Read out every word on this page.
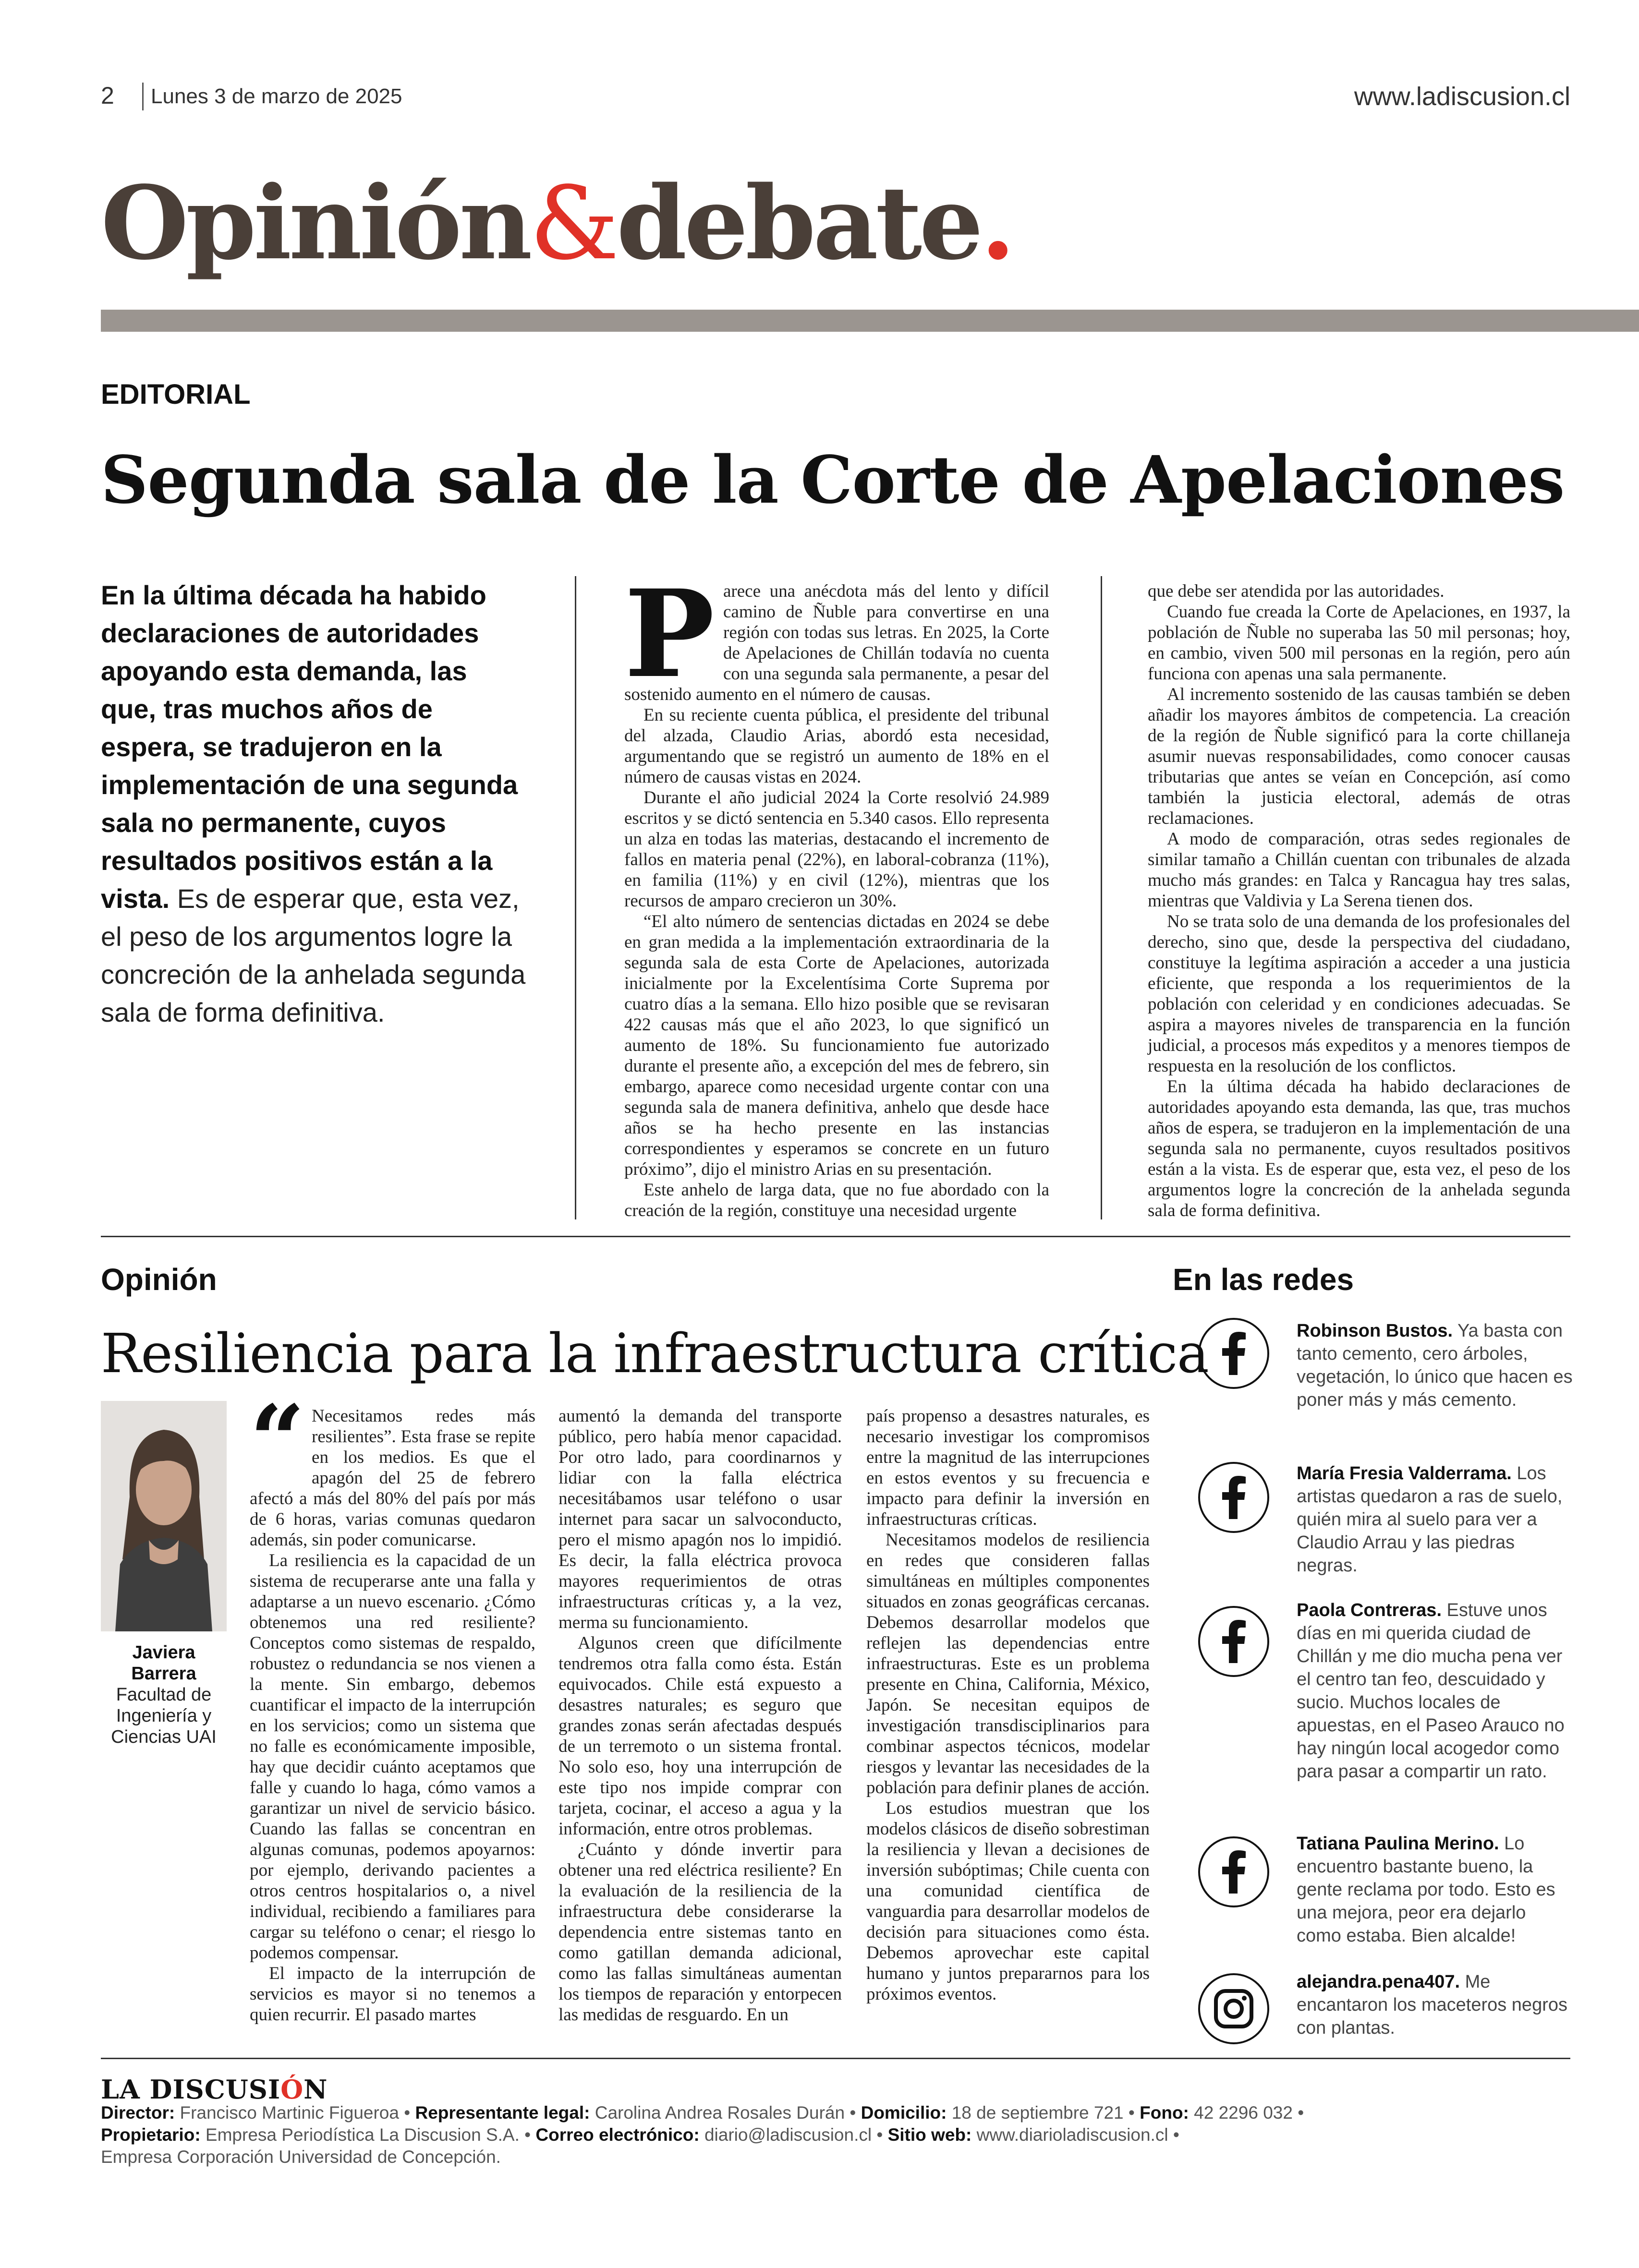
2 Lunes 3 de marzo de 2025	www.ladiscusion.cl
Opinión&debate.
EDITORIAL
Segunda sala de la Corte de Apelaciones
En la última década ha habido declaraciones de autoridades apoyando esta demanda, las que, tras muchos años de espera, se tradujeron en la implementación de una segunda sala no permanente, cuyos resultados positivos están a la vista. Es de esperar que, esta vez, el peso de los argumentos logre la concreción de la anhelada segunda sala de forma definitiva.

Parece una anécdota más del lento y difícil camino de Ñuble para convertirse en una región con todas sus letras. En 2025, la Corte de Apelaciones de Chillán todavía no cuenta con una segunda sala permanente, a pesar del sostenido aumento en el número de causas.

En su reciente cuenta pública, el presidente del tribunal del alzada, Claudio Arias, abordó esta necesidad, argumentando que se registró un aumento de 18% en el número de causas vistas en 2024.

Durante el año judicial 2024 la Corte resolvió 24.989 escritos y se dictó sentencia en 5.340 casos. Ello representa un alza en todas las materias, destacando el incremento de fallos en materia penal (22%), en laboral-cobranza (11%), en familia (11%) y en civil (12%), mientras que los recursos de amparo crecieron un 30%.

“El alto número de sentencias dictadas en 2024 se debe en gran medida a la implementación extraordinaria de la segunda sala de esta Corte de Apelaciones, autorizada inicialmente por la Excelentísima Corte Suprema por cuatro días a la semana. Ello hizo posible que se revisaran 422 causas más que el año 2023, lo que significó un aumento de 18%. Su funcionamiento fue autorizado durante el presente año, a excepción del mes de febrero, sin embargo, aparece como necesidad urgente contar con una segunda sala de manera definitiva, anhelo que desde hace años se ha hecho presente en las instancias correspondientes y esperamos se concrete en un futuro próximo”, dijo el ministro Arias en su presentación.

Este anhelo de larga data, que no fue abordado con la creación de la región, constituye una necesidad urgente

que debe ser atendida por las autoridades.

Cuando fue creada la Corte de Apelaciones, en 1937, la población de Ñuble no superaba las 50 mil personas; hoy, en cambio, viven 500 mil personas en la región, pero aún funciona con apenas una sala permanente.

Al incremento sostenido de las causas también se deben añadir los mayores ámbitos de competencia. La creación de la región de Ñuble significó para la corte chillaneja asumir nuevas responsabilidades, como conocer causas tributarias que antes se veían en Concepción, así como también la justicia electoral, además de otras reclamaciones.

A modo de comparación, otras sedes regionales de similar tamaño a Chillán cuentan con tribunales de alzada mucho más grandes: en Talca y Rancagua hay tres salas, mientras que Valdivia y La Serena tienen dos.

No se trata solo de una demanda de los profesionales del derecho, sino que, desde la perspectiva del ciudadano, constituye la legítima aspiración a acceder a una justicia eficiente, que responda a los requerimientos de la población con celeridad y en condiciones adecuadas. Se aspira a mayores niveles de transparencia en la función judicial, a procesos más expeditos y a menores tiempos de respuesta en la resolución de los conflictos.

En la última década ha habido declaraciones de autoridades apoyando esta demanda, las que, tras muchos años de espera, se tradujeron en la implementación de una segunda sala no permanente, cuyos resultados positivos están a la vista. Es de esperar que, esta vez, el peso de los argumentos logre la concreción de la anhelada segunda sala de forma definitiva.

Opinión
Resiliencia para la infraestructura crítica
Javiera Barrera
Facultad de Ingeniería y Ciencias UAI

“ Necesitamos redes más resilientes”. Esta frase se repite en los medios. Es que el apagón del 25 de febrero afectó a más del 80% del país por más de 6 horas, varias comunas quedaron además, sin poder comunicarse.

La resiliencia es la capacidad de un sistema de recuperarse ante una falla y adaptarse a un nuevo escenario. ¿Cómo obtenemos una red resiliente? Conceptos como sistemas de respaldo, robustez o redundancia se nos vienen a la mente. Sin embargo, debemos cuantificar el impacto de la interrupción en los servicios; como un sistema que no falle es económicamente imposible, hay que decidir cuánto aceptamos que falle y cuando lo haga, cómo vamos a garantizar un nivel de servicio básico. Cuando las fallas se concentran en algunas comunas, podemos apoyarnos: por ejemplo, derivando pacientes a otros centros hospitalarios o, a nivel individual, recibiendo a familiares para cargar su teléfono o cenar; el riesgo lo podemos compensar.

El impacto de la interrupción de servicios es mayor si no tenemos a quien recurrir. El pasado martes

aumentó la demanda del transporte público, pero había menor capacidad. Por otro lado, para coordinarnos y lidiar con la falla eléctrica necesitábamos usar teléfono o usar internet para sacar un salvoconducto, pero el mismo apagón nos lo impidió. Es decir, la falla eléctrica provoca mayores requerimientos de otras infraestructuras críticas y, a la vez, merma su funcionamiento.

Algunos creen que difícilmente tendremos otra falla como ésta. Están equivocados. Chile está expuesto a desastres naturales; es seguro que grandes zonas serán afectadas después de un terremoto o un sistema frontal. No solo eso, hoy una interrupción de este tipo nos impide comprar con tarjeta, cocinar, el acceso a agua y la información, entre otros problemas.

¿Cuánto y dónde invertir para obtener una red eléctrica resiliente? En la evaluación de la resiliencia de la infraestructura debe considerarse la dependencia entre sistemas tanto en como gatillan demanda adicional, como las fallas simultáneas aumentan los tiempos de reparación y entorpecen las medidas de resguardo. En un

país propenso a desastres naturales, es necesario investigar los compromisos entre la magnitud de las interrupciones en estos eventos y su frecuencia e impacto para definir la inversión en infraestructuras críticas.

Necesitamos modelos de resiliencia en redes que consideren fallas simultáneas en múltiples componentes situados en zonas geográficas cercanas. Debemos desarrollar modelos que reflejen las dependencias entre infraestructuras. Este es un problema presente en China, California, México, Japón. Se necesitan equipos de investigación transdisciplinarios para combinar aspectos técnicos, modelar riesgos y levantar las necesidades de la población para definir planes de acción.

Los estudios muestran que los modelos clásicos de diseño sobrestiman la resiliencia y llevan a decisiones de inversión subóptimas; Chile cuenta con una comunidad científica de vanguardia para desarrollar modelos de decisión para situaciones como ésta. Debemos aprovechar este capital humano y juntos prepararnos para los próximos eventos.

En las redes
Robinson Bustos. Ya basta con tanto cemento, cero árboles, vegetación, lo único que hacen es poner más y más cemento.
María Fresia Valderrama. Los artistas quedaron a ras de suelo, quién mira al suelo para ver a Claudio Arrau y las piedras negras.
Paola Contreras. Estuve unos días en mi querida ciudad de Chillán y me dio mucha pena ver el centro tan feo, descuidado y sucio. Muchos locales de apuestas, en el Paseo Arauco no hay ningún local acogedor como para pasar a compartir un rato.
Tatiana Paulina Merino. Lo encuentro bastante bueno, la gente reclama por todo. Esto es una mejora, peor era dejarlo como estaba. Bien alcalde!
alejandra.pena407. Me encantaron los maceteros negros con plantas.
LA DISCUSIÓN
Director: Francisco Martinic Figueroa • Representante legal: Carolina Andrea Rosales Durán • Domicilio: 18 de septiembre 721 • Fono: 42 2296 032 •
Propietario: Empresa Periodística La Discusion S.A. • Correo electrónico: diario@ladiscusion.cl • Sitio web: www.diarioladiscusion.cl •
Empresa Corporación Universidad de Concepción.
